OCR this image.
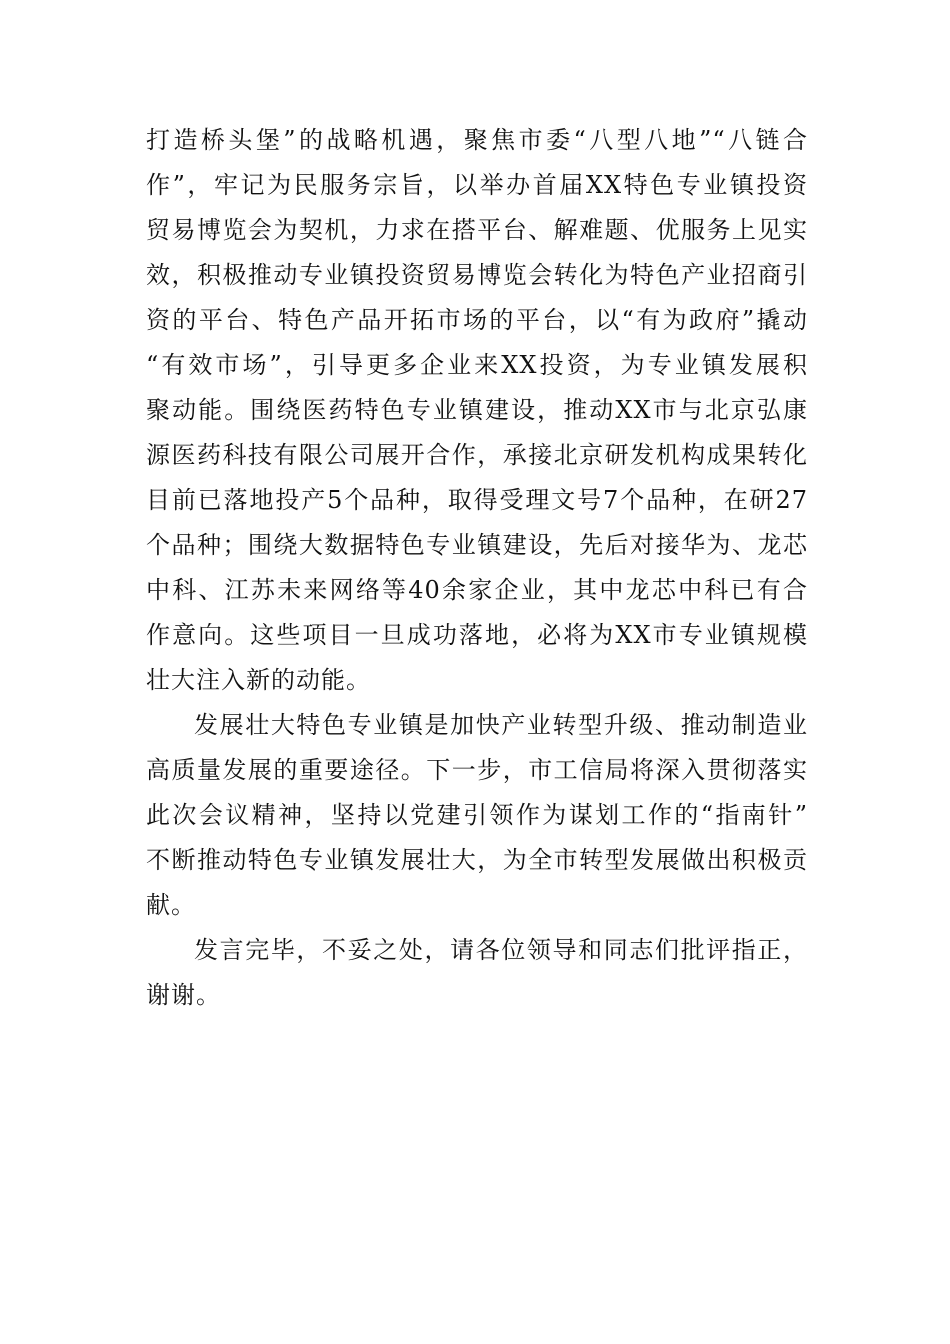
打造桥头堡”的战略机遇，聚焦市委“八型八地”“八链合
作”，牢记为民服务宗旨，以举办首届XX特色专业镇投资
贸易博览会为契机，力求在搭平台、解难题、优服务上见实
效，积极推动专业镇投资贸易博览会转化为特色产业招商引
资的平台、特色产品开拓市场的平台，以“有为政府”撬动
“有效市场”，引导更多企业来XX投资，为专业镇发展积
聚动能。围绕医药特色专业镇建设，推动XX市与北京弘康
源医药科技有限公司展开合作，承接北京研发机构成果转化
目前已落地投产5个品种，取得受理文号7个品种，在研27
个品种；围绕大数据特色专业镇建设，先后对接华为、龙芯
中科、江苏未来网络等40余家企业，其中龙芯中科已有合
作意向。这些项目一旦成功落地，必将为XX市专业镇规模
壮大注入新的动能。
发展壮大特色专业镇是加快产业转型升级、推动制造业
高质量发展的重要途径。下一步，市工信局将深入贯彻落实
此次会议精神，坚持以党建引领作为谋划工作的“指南针”
不断推动特色专业镇发展壮大，为全市转型发展做出积极贡
献。
发言完毕，不妥之处，请各位领导和同志们批评指正，
谢谢。
